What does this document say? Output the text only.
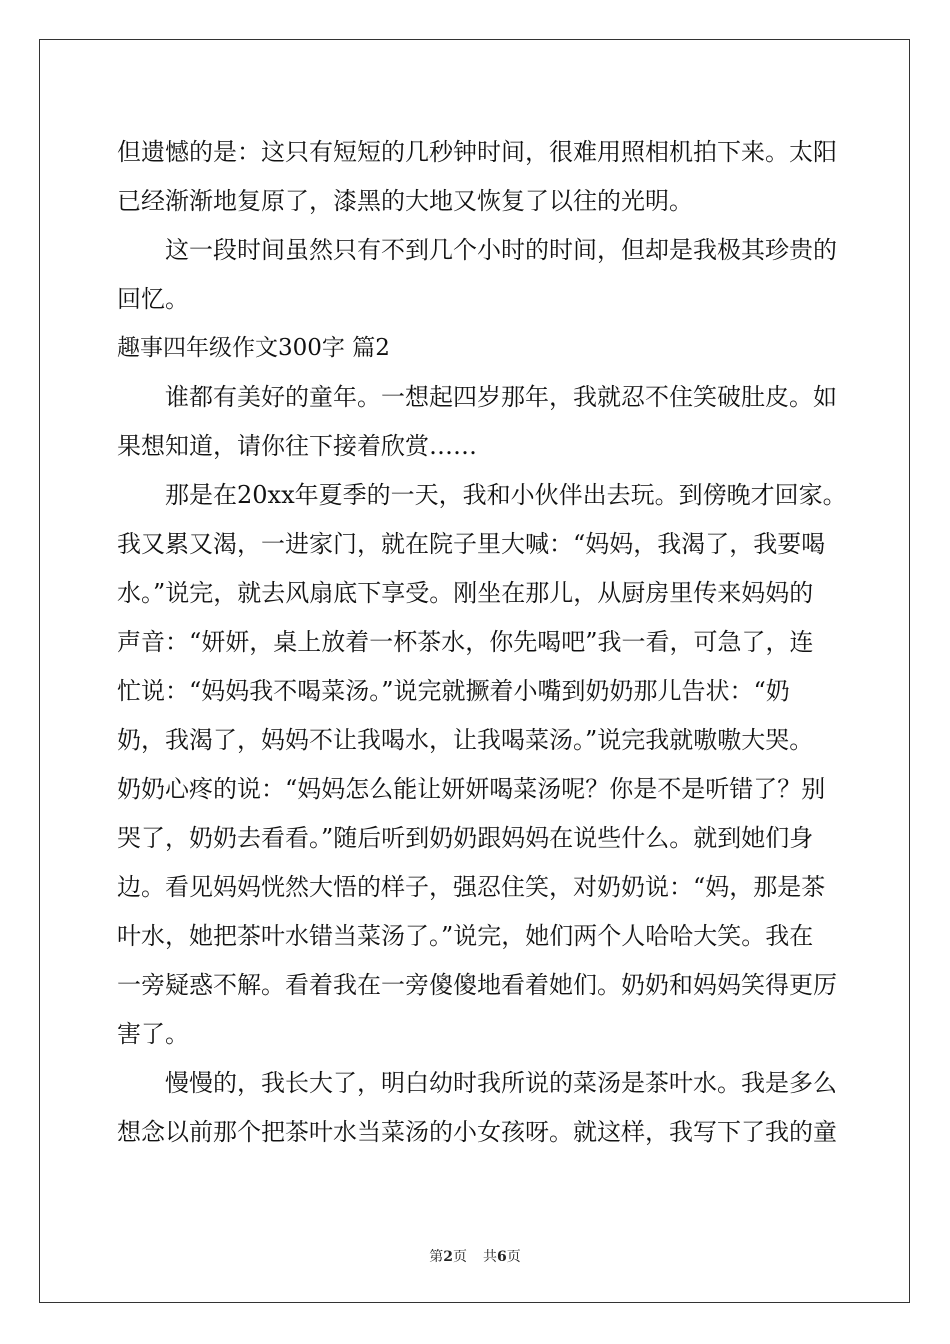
但遗憾的是：这只有短短的几秒钟时间，很难用照相机拍下来。太阳
已经渐渐地复原了，漆黑的大地又恢复了以往的光明。
这一段时间虽然只有不到几个小时的时间，但却是我极其珍贵的
回忆。
趣事四年级作文300字 篇2
谁都有美好的童年。一想起四岁那年，我就忍不住笑破肚皮。如
果想知道，请你往下接着欣赏……
那是在20xx年夏季的一天，我和小伙伴出去玩。到傍晚才回家。
我又累又渴，一进家门，就在院子里大喊：“妈妈，我渴了，我要喝
水。”说完，就去风扇底下享受。刚坐在那儿，从厨房里传来妈妈的
声音：“妍妍，桌上放着一杯茶水，你先喝吧”我一看，可急了，连
忙说：“妈妈我不喝菜汤。”说完就撅着小嘴到奶奶那儿告状：“奶
奶，我渴了，妈妈不让我喝水，让我喝菜汤。”说完我就嗷嗷大哭。
奶奶心疼的说：“妈妈怎么能让妍妍喝菜汤呢？你是不是听错了？别
哭了，奶奶去看看。”随后听到奶奶跟妈妈在说些什么。就到她们身
边。看见妈妈恍然大悟的样子，强忍住笑，对奶奶说：“妈，那是茶
叶水，她把茶叶水错当菜汤了。”说完，她们两个人哈哈大笑。我在
一旁疑惑不解。看着我在一旁傻傻地看着她们。奶奶和妈妈笑得更厉
害了。
慢慢的，我长大了，明白幼时我所说的菜汤是茶叶水。我是多么
想念以前那个把茶叶水当菜汤的小女孩呀。就这样，我写下了我的童
第2页 共6页
